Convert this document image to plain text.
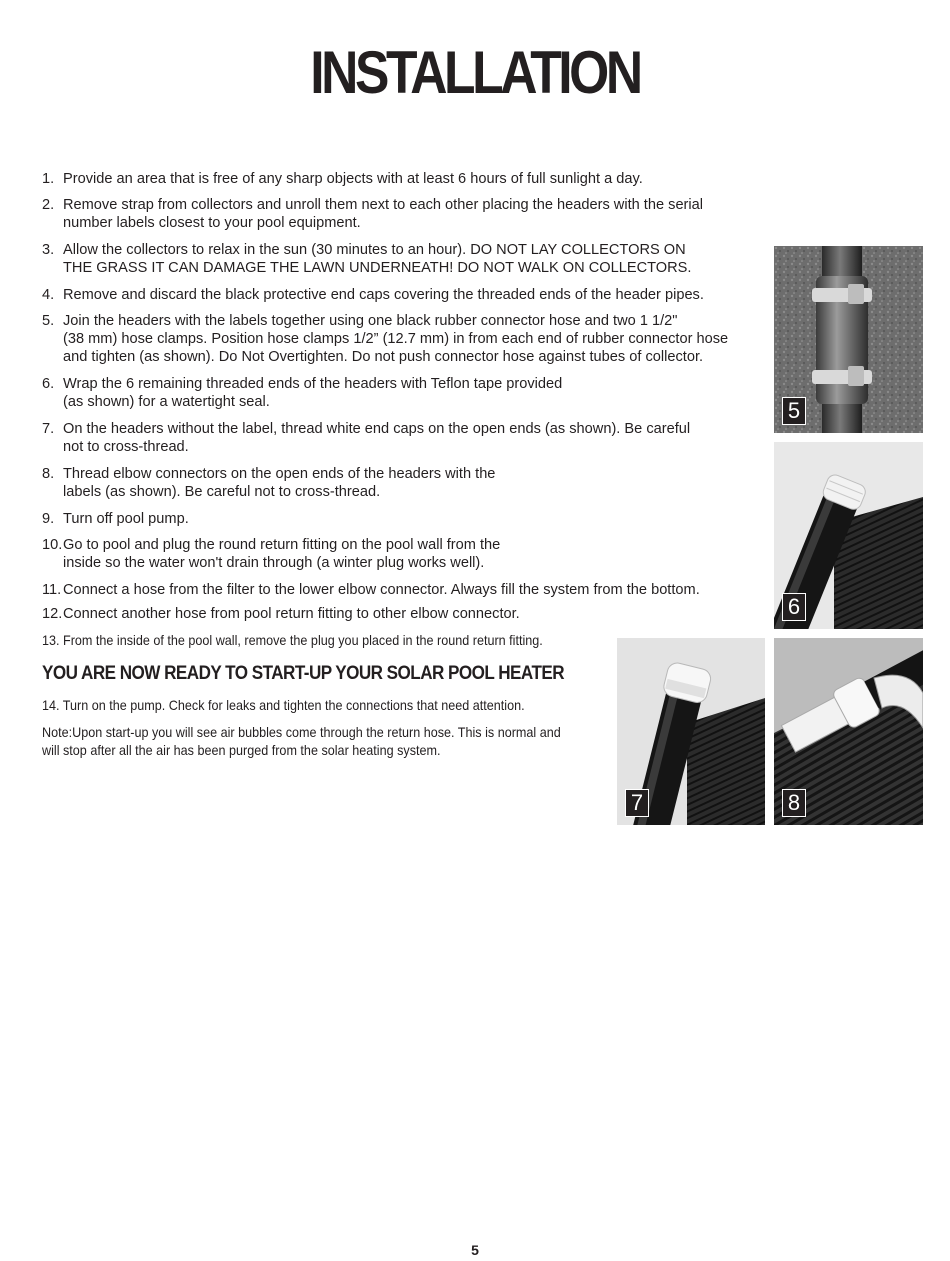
INSTALLATION
1. Provide an area that is free of any sharp objects with at least 6 hours of full sunlight a day.
2. Remove strap from collectors and unroll them next to each other placing the headers with the serial
number labels closest to your pool equipment.
3. Allow the collectors to relax in the sun (30 minutes to an hour). DO NOT LAY COLLECTORS ON
THE GRASS IT CAN DAMAGE THE LAWN UNDERNEATH! DO NOT WALK ON COLLECTORS.
4. Remove and discard the black protective end caps covering the threaded ends of the header pipes.
5. Join the headers with the labels together using one black rubber connector hose and two 1 1/2"
(38 mm) hose clamps. Position hose clamps 1/2” (12.7 mm) in from each end of rubber connector hose
and tighten (as shown). Do Not Overtighten. Do not push connector hose against tubes of collector.
6. Wrap the 6 remaining threaded ends of the headers with Teflon tape provided
(as shown) for a watertight seal.
7. On the headers without the label, thread white end caps on the open ends (as shown). Be careful
not to cross-thread.
8. Thread elbow connectors on the open ends of the headers with the
labels (as shown). Be careful not to cross-thread.
9. Turn off pool pump.
10. Go to pool and plug the round return fitting on the pool wall from the
inside so the water won't drain through (a winter plug works well).
11. Connect a hose from the filter to the lower elbow connector. Always fill the system from the bottom.
12. Connect another hose from pool return fitting to other elbow connector.
13. From the inside of the pool wall, remove the plug you placed in the round return fitting.
YOU ARE NOW READY TO START-UP YOUR SOLAR POOL HEATER
14. Turn on the pump. Check for leaks and tighten the connections that need attention.
Note:Upon start-up you will see air bubbles come through the return hose. This is normal and
will stop after all the air has been purged from the solar heating system.
5
6
7	8
5
